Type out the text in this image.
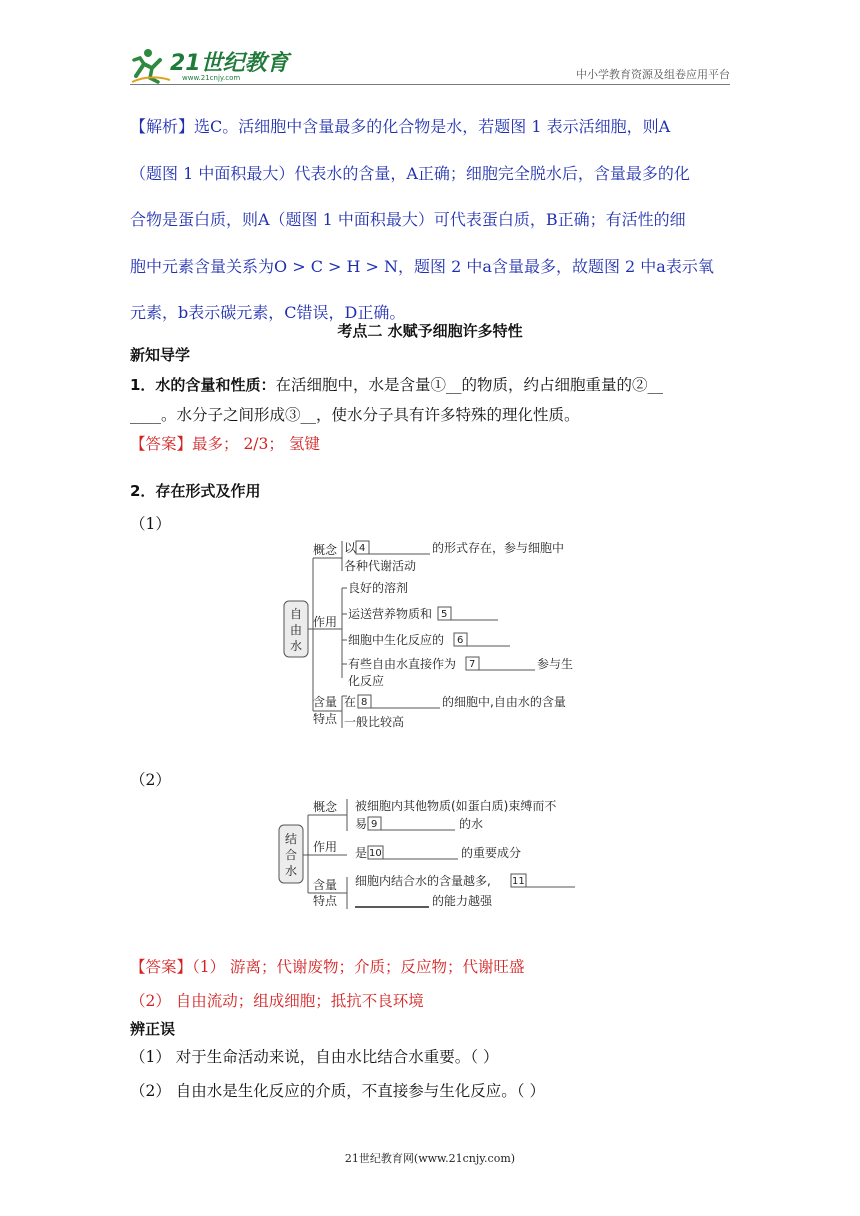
21世纪教育
www.21cnjy.com	中小学教育资源及组卷应用平台
【解析】选C。活细胞中含量最多的化合物是水，若题图 1 表示活细胞，则A
（题图 1 中面积最大）代表水的含量，A正确；细胞完全脱水后，含量最多的化
合物是蛋白质，则A（题图 1 中面积最大）可代表蛋白质，B正确；有活性的细
胞中元素含量关系为O > C > H > N，题图 2 中a含量最多，故题图 2 中a表示氧
元素，b表示碳元素，C错误，D正确。
考点二 水赋予细胞许多特性
新知导学
1．水的含量和性质：在活细胞中，水是含量①__的物质，约占细胞重量的②__
____。水分子之间形成③__，使水分子具有许多特殊的理化性质。
【答案】最多； 2/3； 氢键
2．存在形式及作用
（1）
自
由
水
概念
作用
含量
特点
以 4	的形式存在，参与细胞中
各种代谢活动
良好的溶剂
运送营养物质和 5
细胞中生化反应的 6
有些自由水直接作为 7	参与生
化反应
在 8	的细胞中,自由水的含量
一般比较高
（2）
结
合
水
概念
作用
含量
特点
被细胞内其他物质(如蛋白质)束缚而不
易 9	的水
是 10	的重要成分
细胞内结合水的含量越多, 11
的能力越强
【答案】（1） 游离；代谢废物；介质；反应物；代谢旺盛
（2） 自由流动；组成细胞；抵抗不良环境
辨正误
（1） 对于生命活动来说，自由水比结合水重要。（ ）
（2） 自由水是生化反应的介质，不直接参与生化反应。（ ）
21世纪教育网(www.21cnjy.com)
